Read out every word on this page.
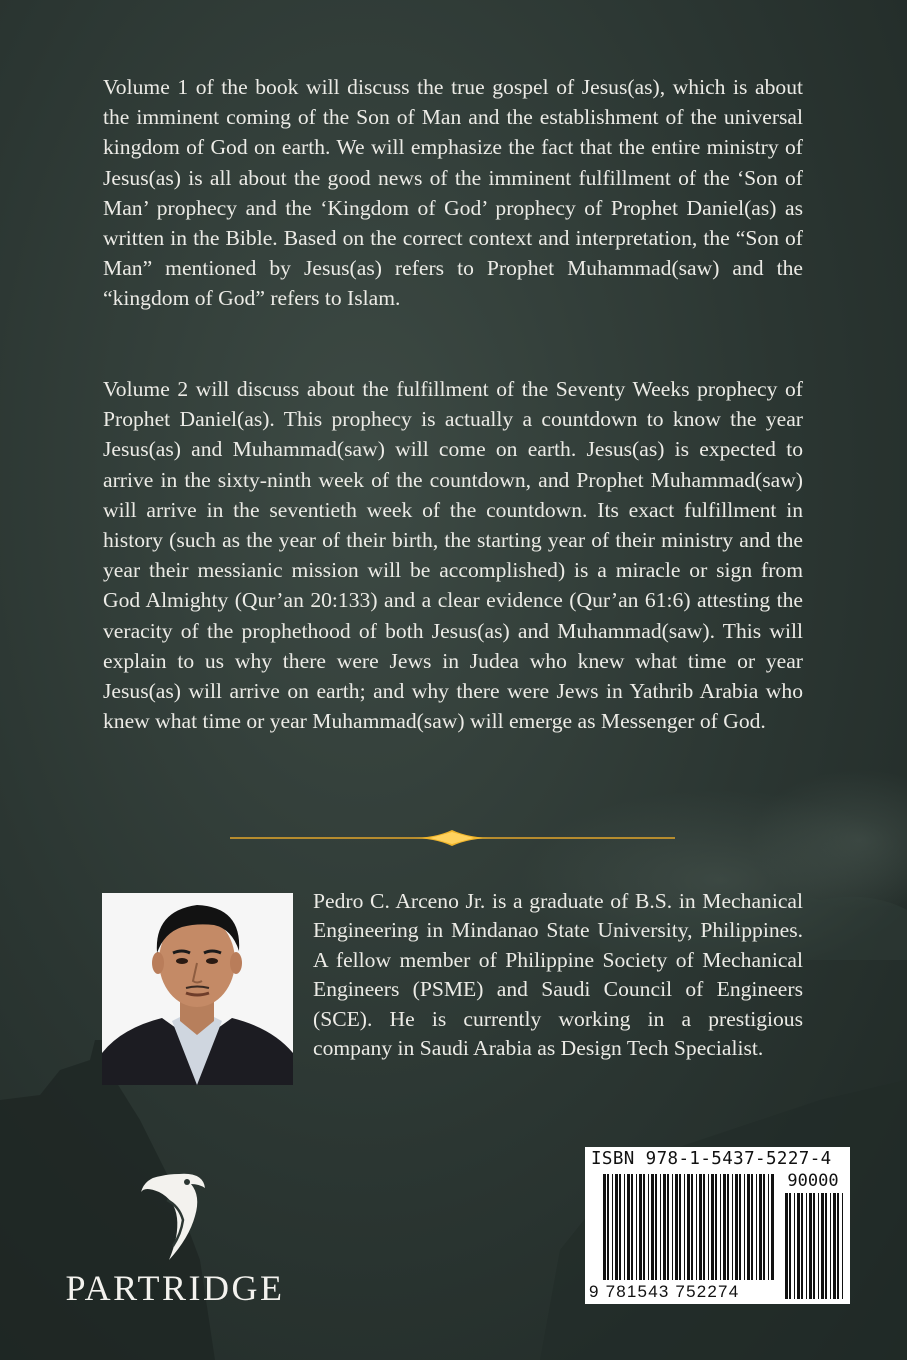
Volume 1 of the book will discuss the true gospel of Jesus(as), which is about the imminent coming of the Son of Man and the establishment of the universal kingdom of God on earth. We will emphasize the fact that the entire ministry of Jesus(as) is all about the good news of the imminent fulfillment of the ‘Son of Man’ prophecy and the ‘Kingdom of God’ prophecy of Prophet Daniel(as) as written in the Bible. Based on the correct context and interpretation, the “Son of Man” mentioned by Jesus(as) refers to Prophet Muhammad(saw) and the “kingdom of God” refers to Islam.

Volume 2 will discuss about the fulfillment of the Seventy Weeks prophecy of Prophet Daniel(as). This prophecy is actually a countdown to know the year Jesus(as) and Muhammad(saw) will come on earth. Jesus(as) is expected to arrive in the sixty-ninth week of the countdown, and Prophet Muhammad(saw) will arrive in the seventieth week of the countdown. Its exact fulfillment in history (such as the year of their birth, the starting year of their ministry and the year their messianic mission will be accomplished) is a miracle or sign from God Almighty (Qur’an 20:133) and a clear evidence (Qur’an 61:6) attesting the veracity of the prophethood of both Jesus(as) and Muhammad(saw). This will explain to us why there were Jews in Judea who knew what time or year Jesus(as) will arrive on earth; and why there were Jews in Yathrib Arabia who knew what time or year Muhammad(saw) will emerge as Messenger of God.

Pedro C. Arceno Jr. is a graduate of B.S. in Mechanical Engineering in Mindanao State University, Philippines. A fellow member of Philippine Society of Mechanical Engineers (PSME) and Saudi Council of Engineers (SCE). He is currently working in a prestigious company in Saudi Arabia as Design Tech Specialist.

PARTRIDGE
ISBN 978-1-5437-5227-4
90000
9 781543 752274
